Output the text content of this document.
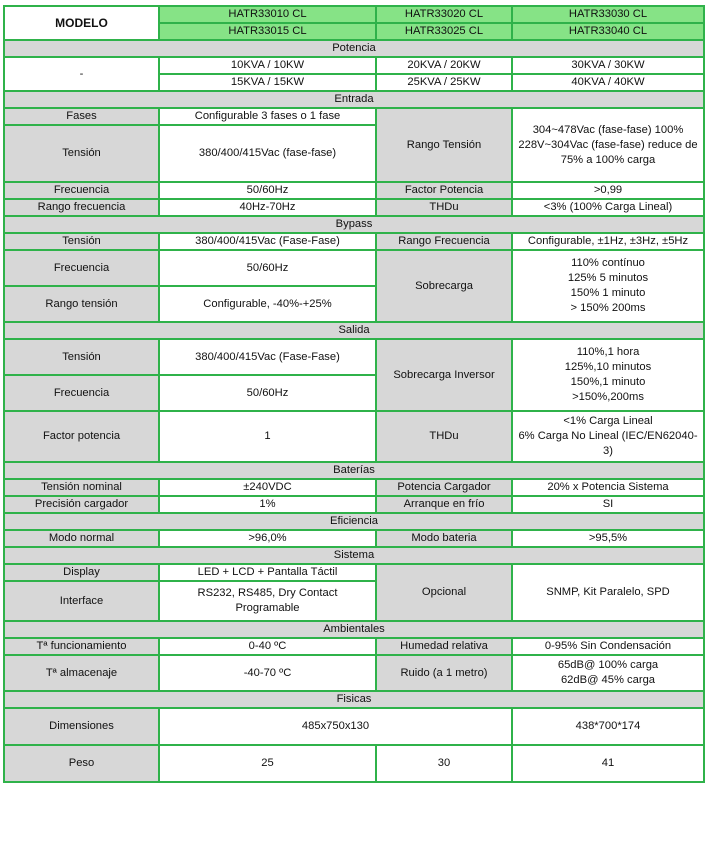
MODELO	HATR33010 CL	HATR33020 CL	HATR33030 CL
	HATR33015 CL	HATR33025 CL	HATR33040 CL
Potencia			
-	10KVA / 10KW	20KVA / 20KW	30KVA / 30KW
	15KVA / 15KW	25KVA / 25KW	40KVA / 40KW
Entrada			
Fases	Configurable 3 fases o 1 fase	Rango Tensión	304~478Vac (fase-fase) 100%
228V~304Vac (fase-fase) reduce de
75% a 100% carga

Tensión	380/400/415Vac (fase-fase)		
Frecuencia	50/60Hz	Factor Potencia	>0,99
Rango frecuencia	40Hz-70Hz	THDu	<3% (100% Carga Lineal)
Bypass			
Tensión	380/400/415Vac (Fase-Fase)	Rango Frecuencia	Configurable, ±1Hz, ±3Hz, ±5Hz
Frecuencia	50/60Hz	Sobrecarga	110% contínuo
125% 5 minutos
150% 1 minuto
> 150% 200ms

Rango tensión	Configurable, -40%-+25%		
Salida			
Tensión	380/400/415Vac (Fase-Fase)	Sobrecarga Inversor	110%,1 hora
125%,10 minutos
150%,1 minuto
>150%,200ms

Frecuencia	50/60Hz		
Factor potencia	1	THDu	<1% Carga Lineal
6% Carga No Lineal (IEC/EN62040-
3)

Baterías			
Tensión nominal	±240VDC	Potencia Cargador	20% x Potencia Sistema
Precisión cargador	1%	Arranque en frío	SI
Eficiencia			
Modo normal	>96,0%	Modo bateria	>95,5%
Sistema			
Display	LED + LCD + Pantalla Táctil	Opcional	SNMP, Kit Paralelo, SPD
Interface	RS232, RS485, Dry Contact
Programable		

Ambientales			
Tª funcionamiento	0-40 ºC	Humedad relativa	0-95% Sin Condensación
Tª almacenaje	-40-70 ºC	Ruido (a 1 metro)	65dB@ 100% carga
62dB@ 45% carga

Fisicas			
Dimensiones	485x750x130		438*700*174
Peso	25	30	41
